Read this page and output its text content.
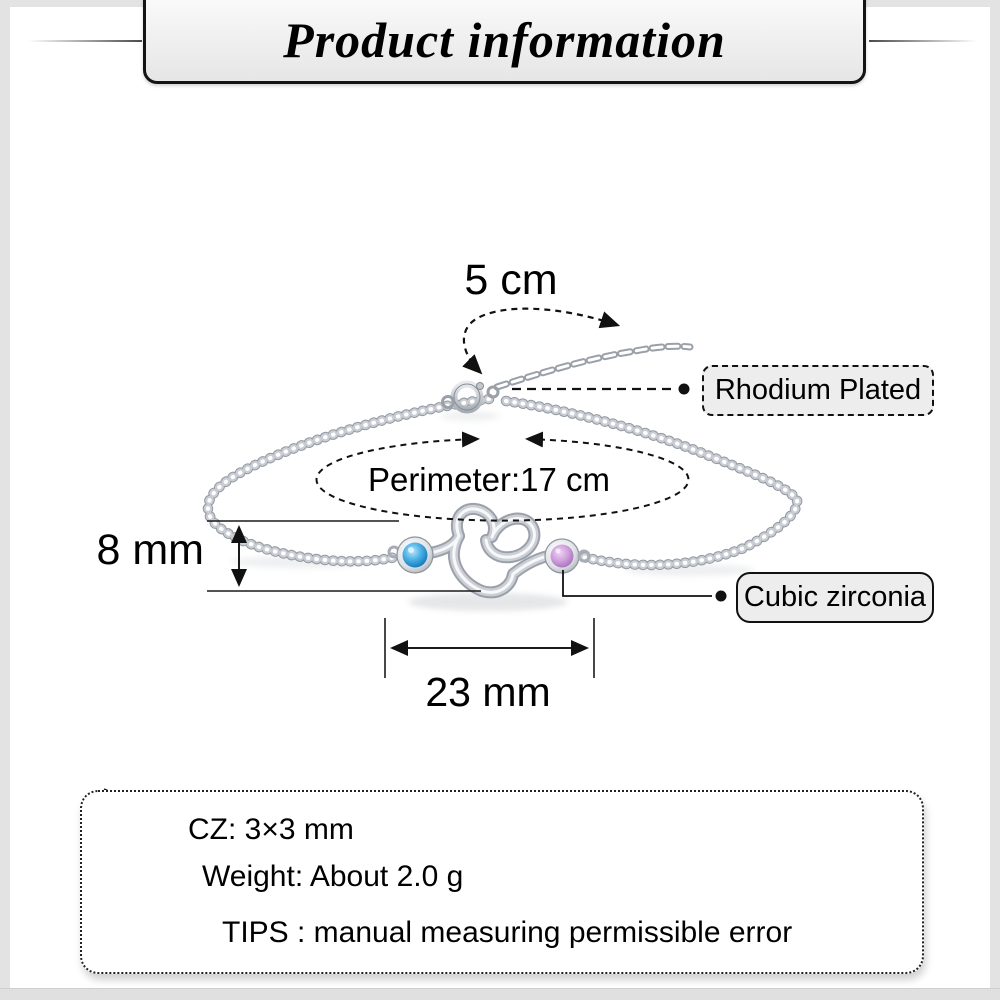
Product information
5 cm
8 mm
23 mm
Perimeter:17 cm
Rhodium Plated
Cubic zirconia
CZ: 3×3 mm
Weight: About 2.0 g
TIPS : manual measuring permissible error
